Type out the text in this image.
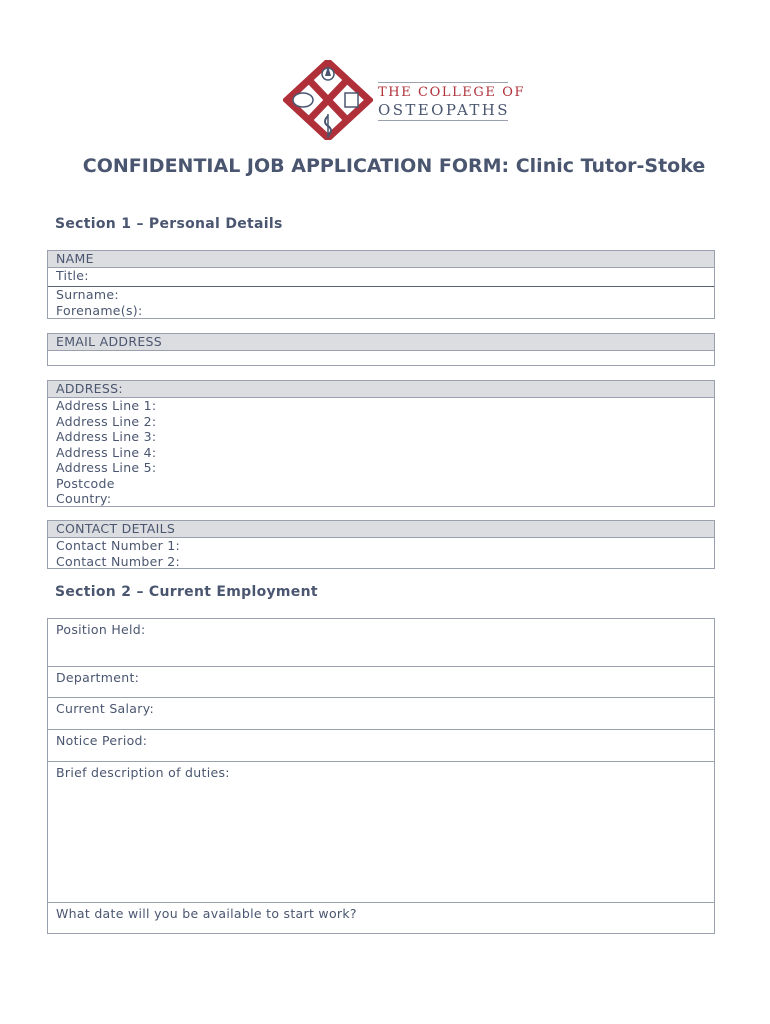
THE COLLEGE OF
OSTEOPATHS
CONFIDENTIAL JOB APPLICATION FORM: Clinic Tutor-Stoke
Section 1 – Personal Details
NAME
Title:
Surname:
Forename(s):
EMAIL ADDRESS
ADDRESS:
Address Line 1:
Address Line 2:
Address Line 3:
Address Line 4:
Address Line 5:
Postcode
Country:
CONTACT DETAILS
Contact Number 1:
Contact Number 2:
Section 2 – Current Employment
Position Held:
Department:
Current Salary:
Notice Period:
Brief description of duties:
What date will you be available to start work?
